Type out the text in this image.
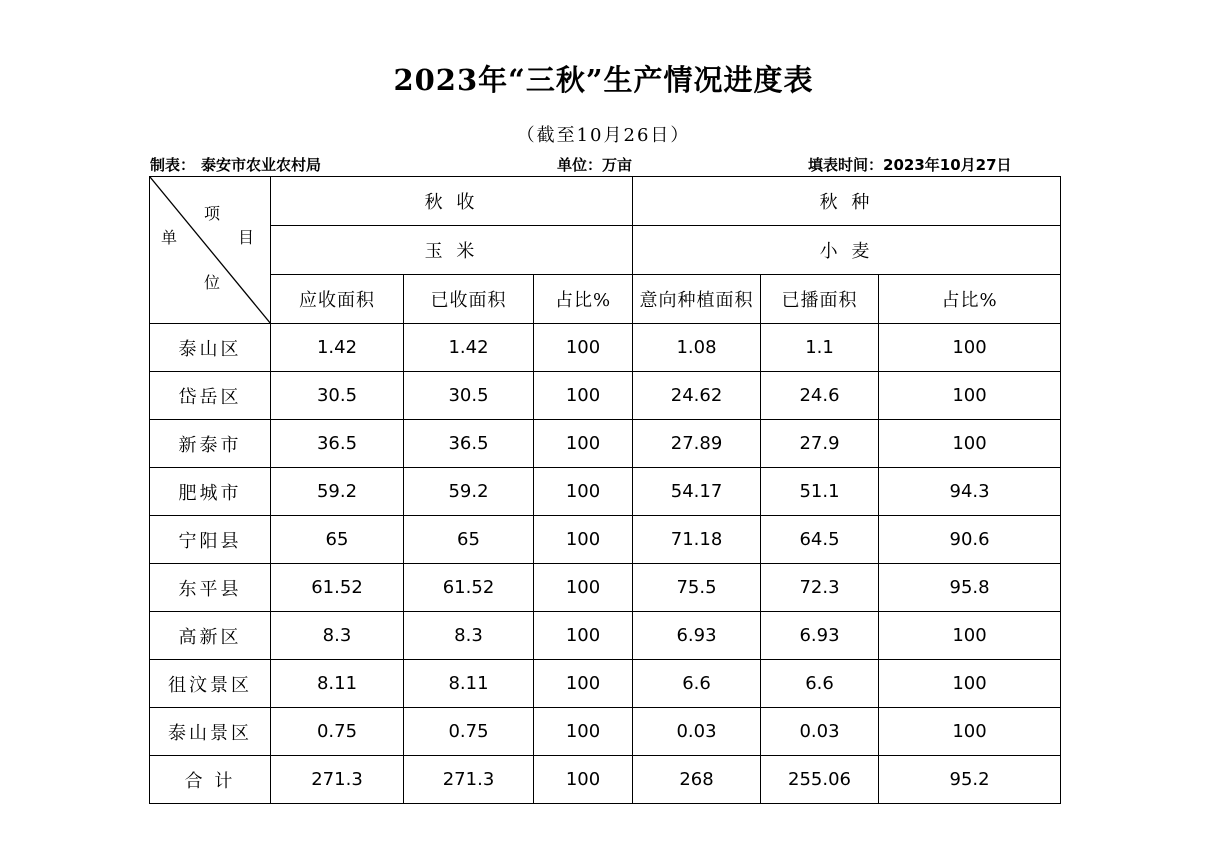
2023年“三秋”生产情况进度表
（截至10月26日）
制表： 泰安市农业农村局	单位：万亩	填表时间：2023年10月27日
项
单 目
位	秋 收			秋 种		
	玉 米			小 麦		
	应收面积	已收面积	占比%	意向种植面积	已播面积	占比%
泰山区	1.42	1.42	100	1.08	1.1	100
岱岳区	30.5	30.5	100	24.62	24.6	100
新泰市	36.5	36.5	100	27.89	27.9	100
肥城市	59.2	59.2	100	54.17	51.1	94.3
宁阳县	65	65	100	71.18	64.5	90.6
东平县	61.52	61.52	100	75.5	72.3	95.8
高新区	8.3	8.3	100	6.93	6.93	100
徂汶景区	8.11	8.11	100	6.6	6.6	100
泰山景区	0.75	0.75	100	0.03	0.03	100
合 计	271.3	271.3	100	268	255.06	95.2
